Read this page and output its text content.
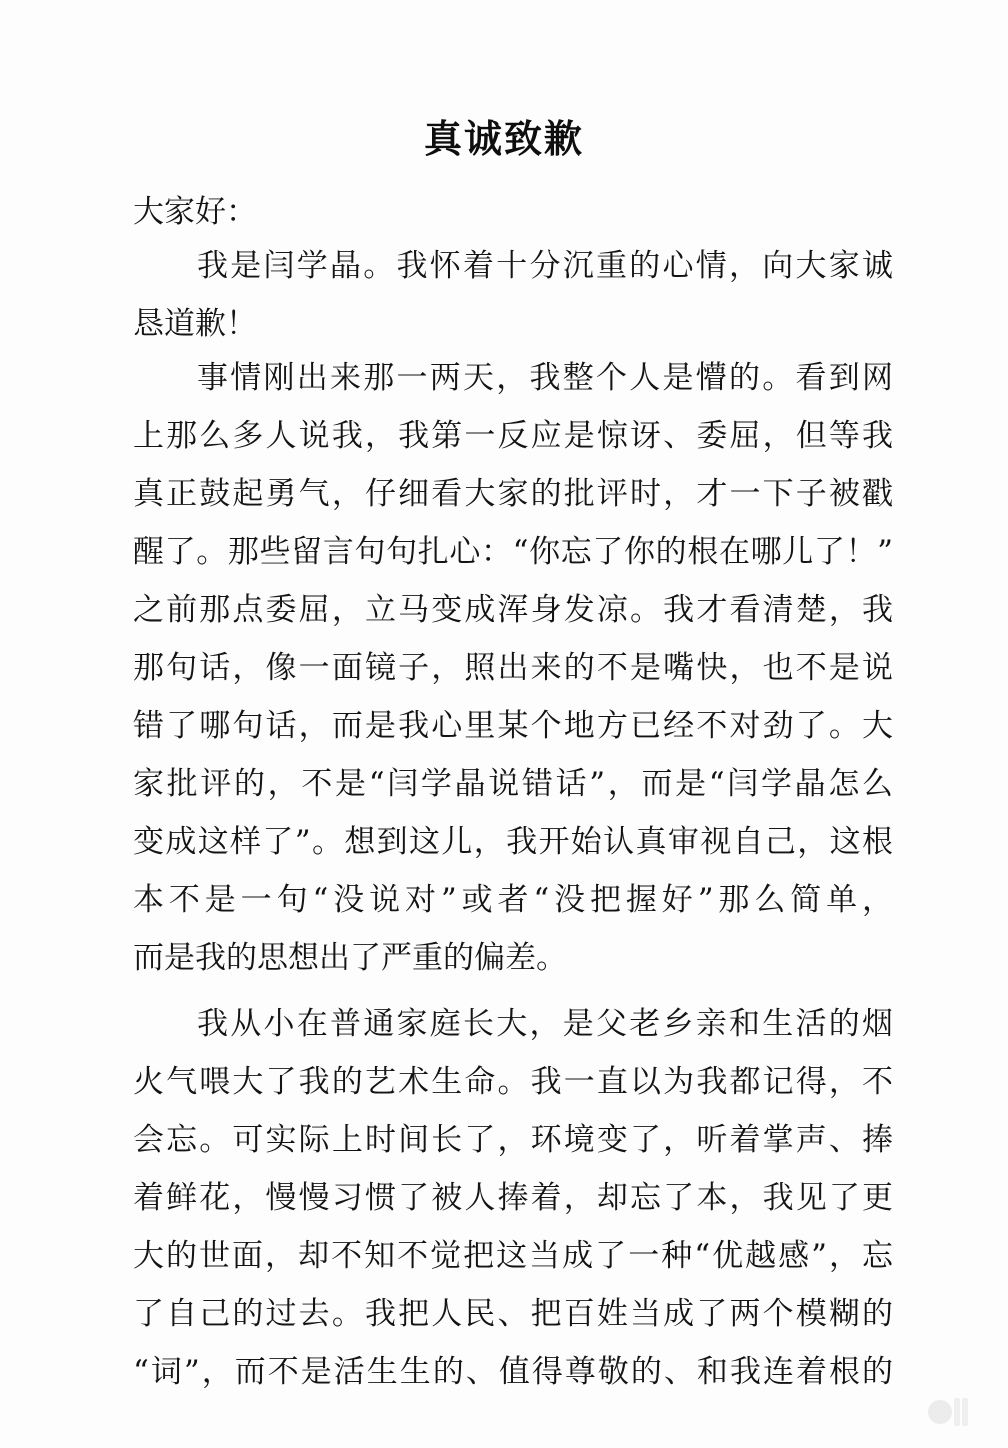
真诚致歉

大家好：

我是闫学晶。我怀着十分沉重的心情，向大家诚

恳道歉！

事情刚出来那一两天，我整个人是懵的。看到网

上那么多人说我，我第一反应是惊讶、委屈，但等我

真正鼓起勇气，仔细看大家的批评时，才一下子被戳

醒了。那些留言句句扎心：“你忘了你的根在哪儿了！”

之前那点委屈，立马变成浑身发凉。我才看清楚，我

那句话，像一面镜子，照出来的不是嘴快，也不是说

错了哪句话，而是我心里某个地方已经不对劲了。大

家批评的，不是“闫学晶说错话”，而是“闫学晶怎么

变成这样了”。想到这儿，我开始认真审视自己，这根

本不是一句“没说对”或者“没把握好”那么简单，

而是我的思想出了严重的偏差。

我从小在普通家庭长大，是父老乡亲和生活的烟

火气喂大了我的艺术生命。我一直以为我都记得，不

会忘。可实际上时间长了，环境变了，听着掌声、捧

着鲜花，慢慢习惯了被人捧着，却忘了本，我见了更

大的世面，却不知不觉把这当成了一种“优越感”，忘

了自己的过去。我把人民、把百姓当成了两个模糊的

“词”，而不是活生生的、值得尊敬的、和我连着根的
